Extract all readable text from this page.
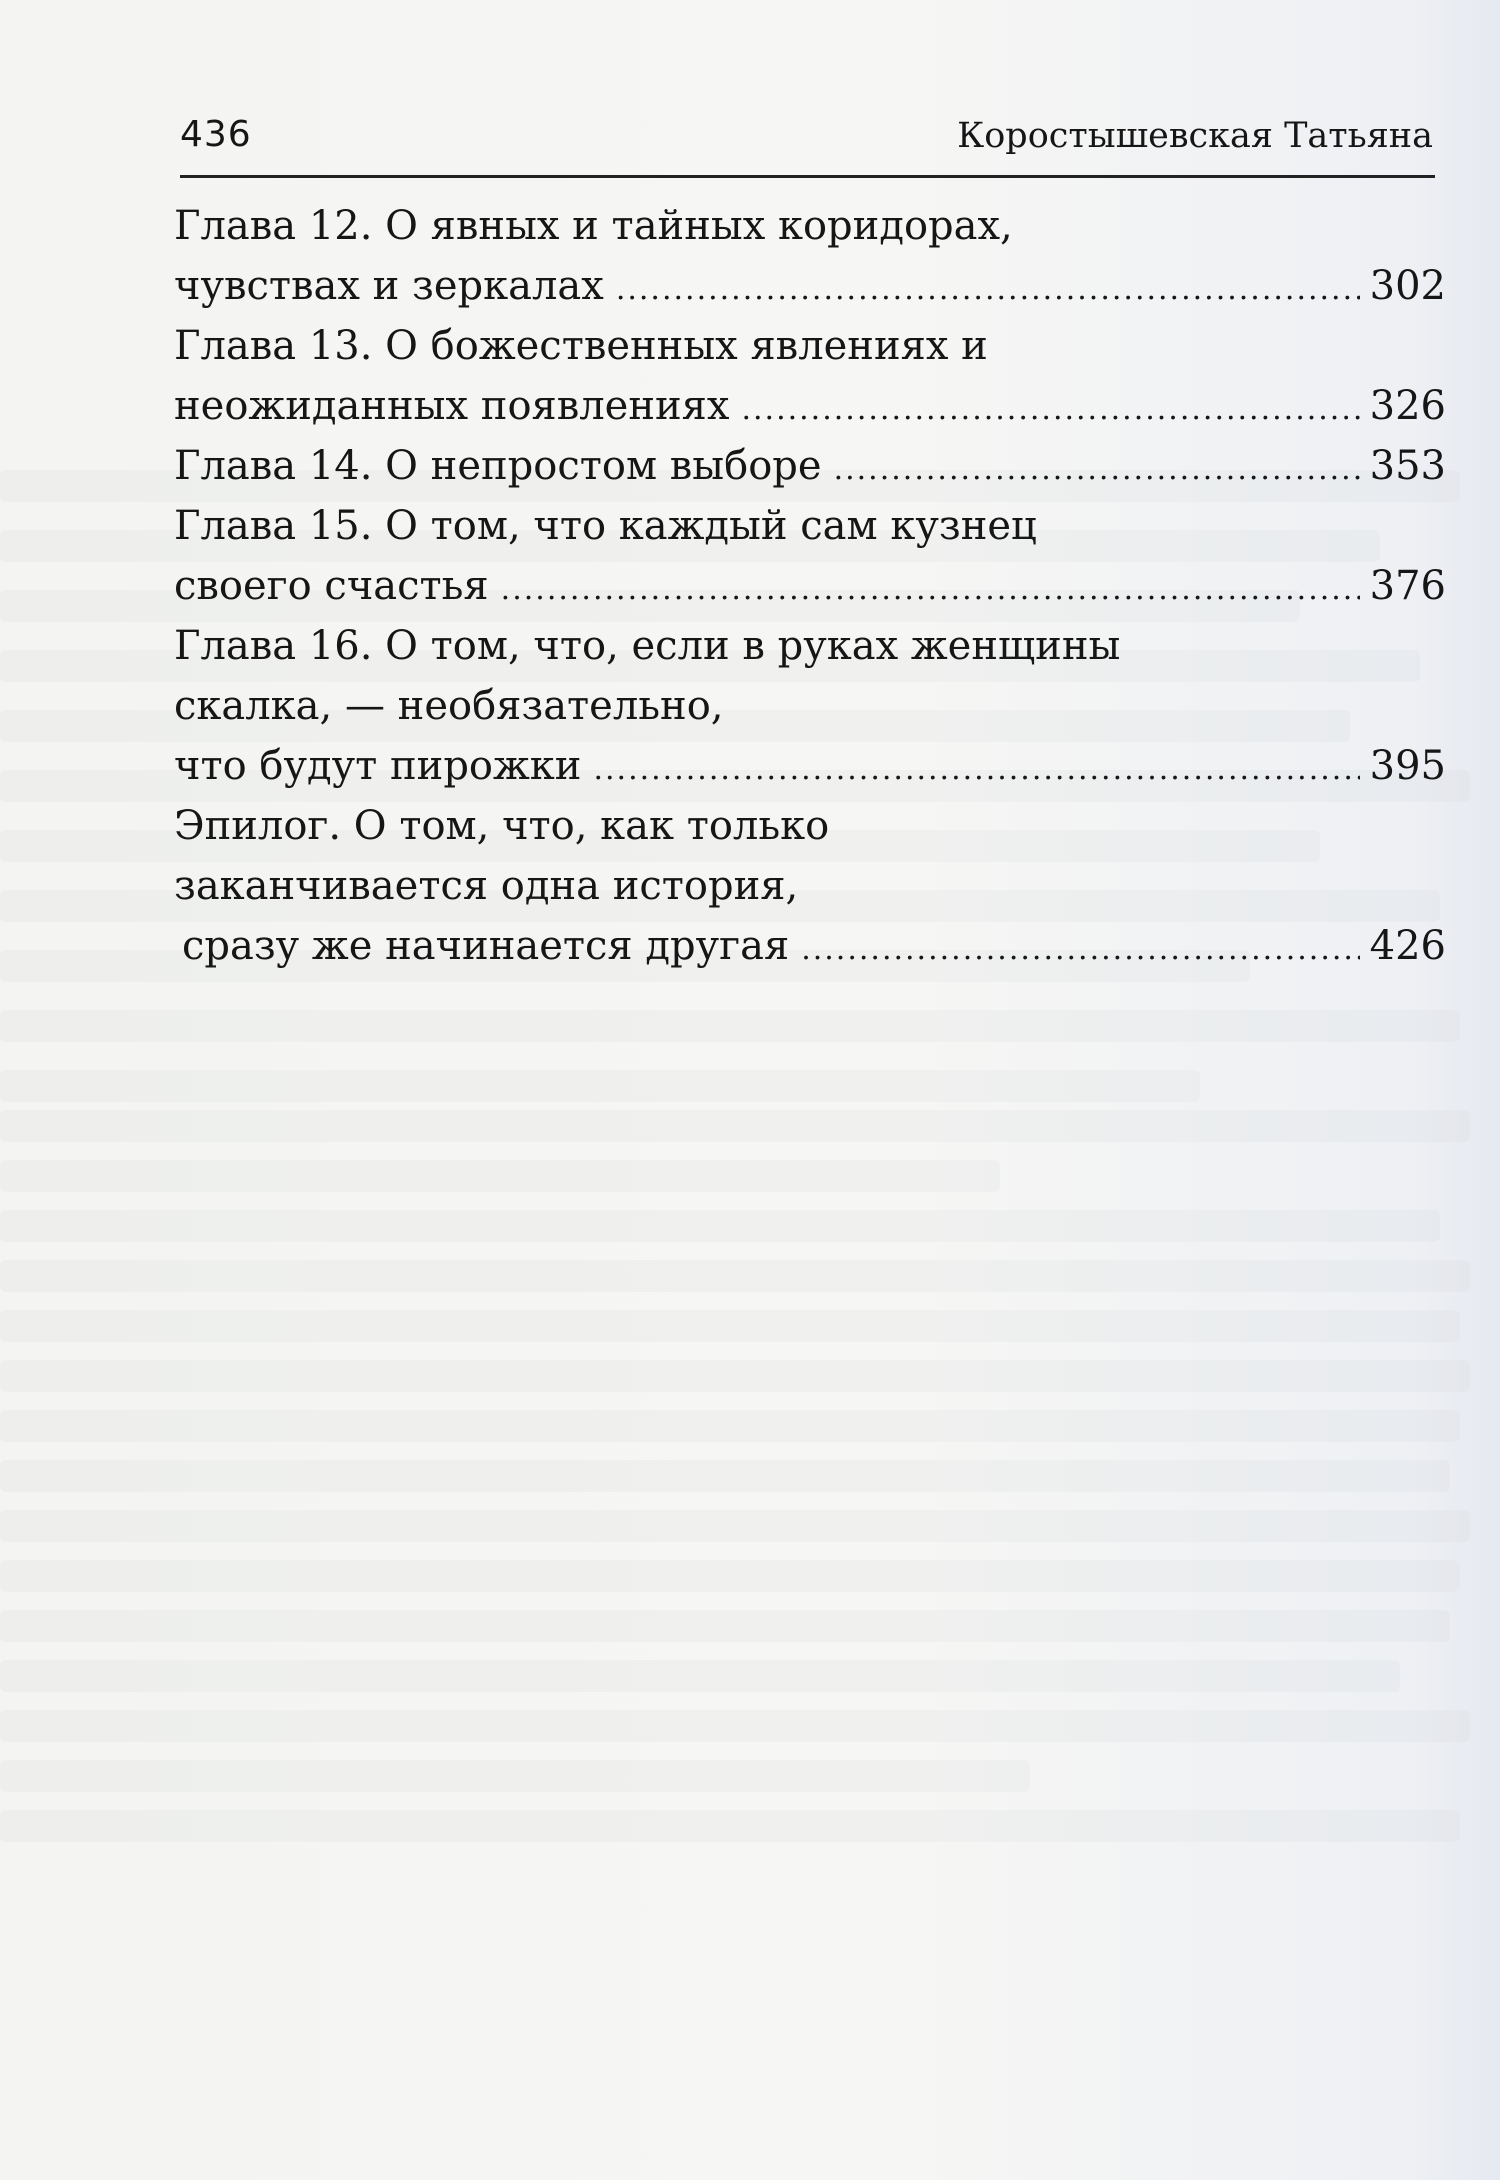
436	Коростышевская Татьяна
Глава 12. О явных и тайных коридорах,
чувствах и зеркалах .....	302
Глава 13. О божественных явлениях и
неожиданных появлениях .....	326
Глава 14. О непростом выборе .....	353
Глава 15. О том, что каждый сам кузнец
своего счастья .....	376
Глава 16. О том, что, если в руках женщины
скалка, — необязательно,
что будут пирожки .....	395
Эпилог. О том, что, как только
заканчивается одна история,
сразу же начинается другая .....	426
